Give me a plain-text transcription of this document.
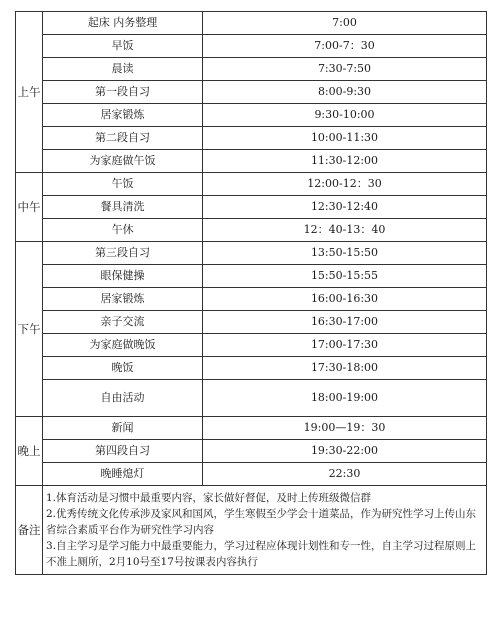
上午	起床 内务整理	7:00
	早饭	7:00-7：30
	晨读	7:30-7:50
	第一段自习	8:00-9:30
	居家锻炼	9:30-10:00
	第二段自习	10:00-11:30
	为家庭做午饭	11:30-12:00
中午	午饭	12:00-12：30
	餐具清洗	12:30-12:40
	午休	12：40-13：40
下午	第三段自习	13:50-15:50
	眼保健操	15:50-15:55
	居家锻炼	16:00-16:30
	亲子交流	16:30-17:00
	为家庭做晚饭	17:00-17:30
	晚饭	17:30-18:00
	自由活动	18:00-19:00
晚上	新闻	19:00—19：30
	第四段自习	19:30-22:00
	晚睡熄灯	22:30
备注	1.体育活动是习惯中最重要内容，家长做好督促，及时上传班级微信群
2.优秀传统文化传承涉及家风和国风，学生寒假至少学会十道菜品，作为研究性学习上传山东省综合素质平台作为研究性学习内容
3.自主学习是学习能力中最重要能力，学习过程应体现计划性和专一性，自主学习过程原则上不准上厕所，2月10号至17号按课表内容执行	
